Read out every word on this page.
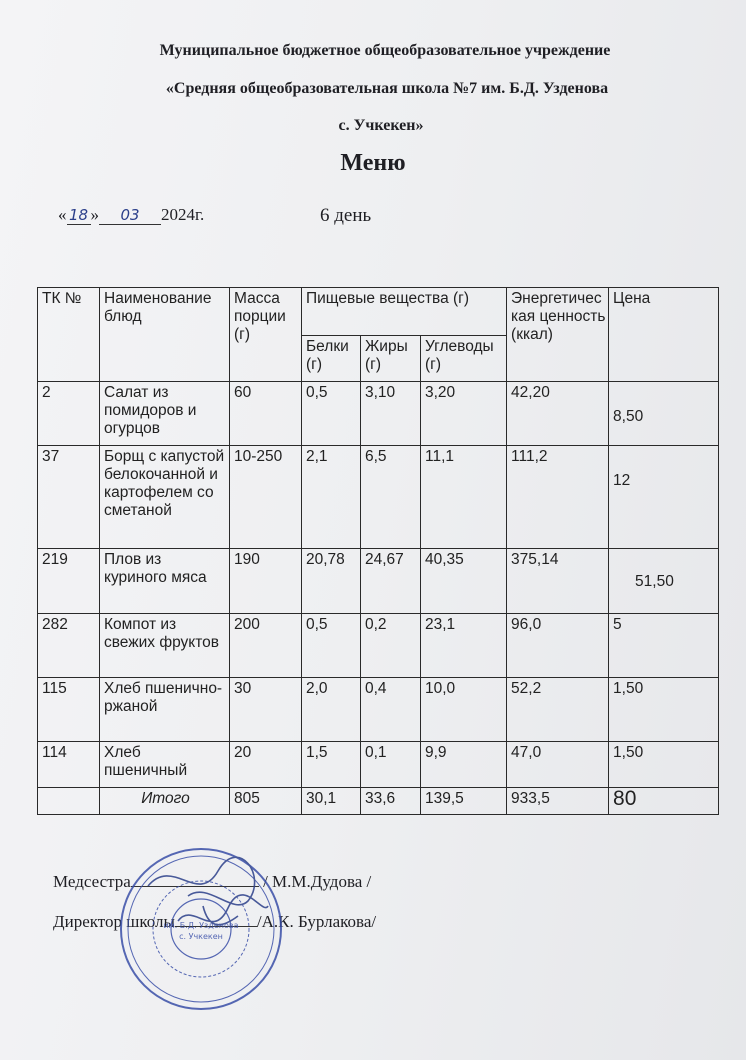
Муниципальное бюджетное общеобразовательное учреждение
«Средняя общеобразовательная школа №7 им. Б.Д. Узденова
с. Учкекен»
Меню
« 18 » 03 2024г.	6 день
ТК №	Наименование блюд	Масса порции (г)	Пищевые вещества (г)			Энергетическая ценность (ккал)	Цена
			Белки (г)	Жиры (г)	Углеводы (г)		
2	Салат из помидоров и огурцов	60	0,5	3,10	3,20	42,20	8,50

37	Борщ с капустой белокочанной и картофелем со сметаной	10-250	2,1	6,5	11,1	111,2	12

219	Плов из куриного мяса	190	20,78	24,67	40,35	375,14	51,50

282	Компот из свежих фруктов	200	0,5	0,2	23,1	96,0	5

115	Хлеб пшенично-ржаной	30	2,0	0,4	10,0	52,2	1,50

114	Хлеб пшеничный	20	1,5	0,1	9,9	47,0	1,50

	Итого	805	30,1	33,6	139,5	933,5	80
Медсестра	/ М.М.Дудова /
Директор школы	/А.К. Бурлакова/
им. Б.Д. Узденова
с. Учкекен
